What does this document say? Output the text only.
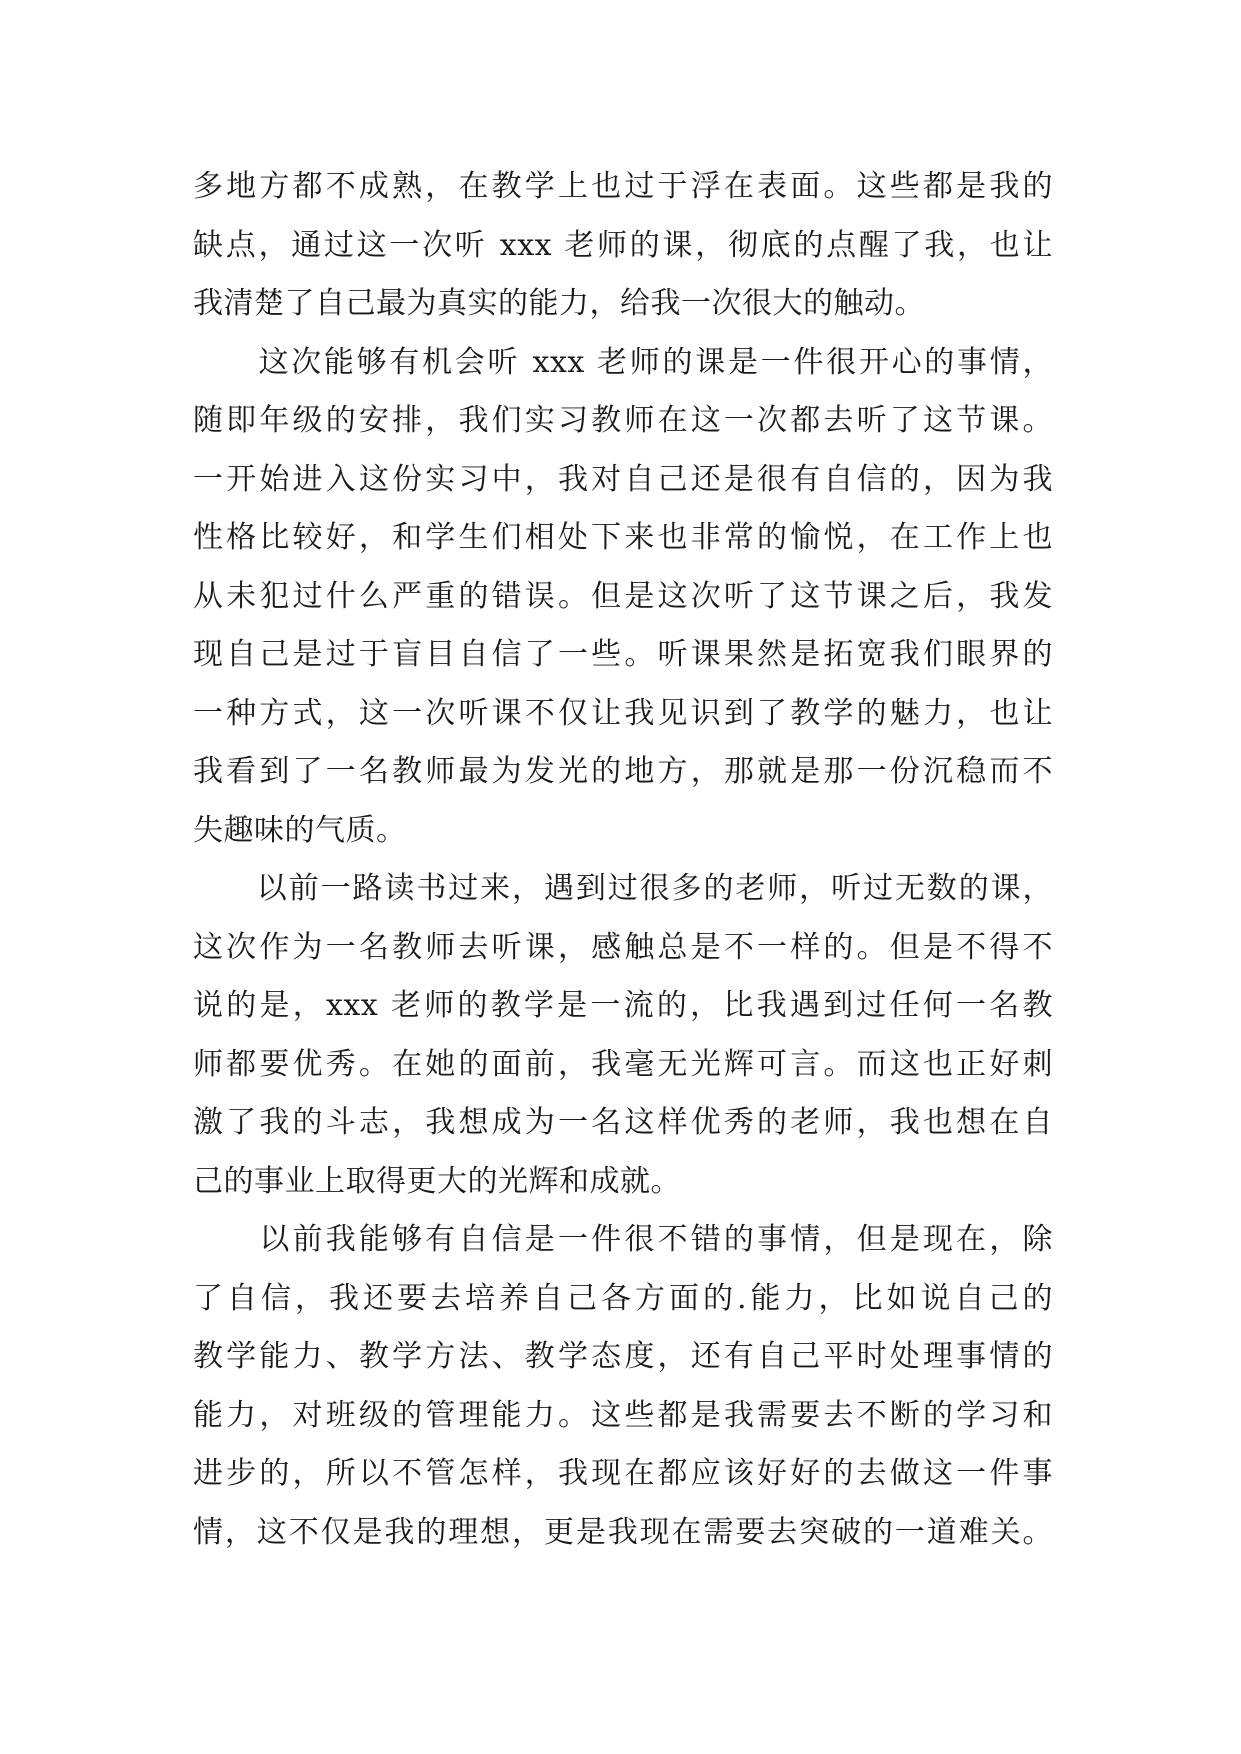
多地方都不成熟，在教学上也过于浮在表面。这些都是我的
缺点，通过这一次听 xxx 老师的课，彻底的点醒了我，也让
我清楚了自己最为真实的能力，给我一次很大的触动。
　　这次能够有机会听 xxx 老师的课是一件很开心的事情，
随即年级的安排，我们实习教师在这一次都去听了这节课。
一开始进入这份实习中，我对自己还是很有自信的，因为我
性格比较好，和学生们相处下来也非常的愉悦，在工作上也
从未犯过什么严重的错误。但是这次听了这节课之后，我发
现自己是过于盲目自信了一些。听课果然是拓宽我们眼界的
一种方式，这一次听课不仅让我见识到了教学的魅力，也让
我看到了一名教师最为发光的地方，那就是那一份沉稳而不
失趣味的气质。
　　以前一路读书过来，遇到过很多的老师，听过无数的课，
这次作为一名教师去听课，感触总是不一样的。但是不得不
说的是，xxx 老师的教学是一流的，比我遇到过任何一名教
师都要优秀。在她的面前，我毫无光辉可言。而这也正好刺
激了我的斗志，我想成为一名这样优秀的老师，我也想在自
己的事业上取得更大的光辉和成就。
　　以前我能够有自信是一件很不错的事情，但是现在，除
了自信，我还要去培养自己各方面的.能力，比如说自己的
教学能力、教学方法、教学态度，还有自己平时处理事情的
能力，对班级的管理能力。这些都是我需要去不断的学习和
进步的，所以不管怎样，我现在都应该好好的去做这一件事
情，这不仅是我的理想，更是我现在需要去突破的一道难关。
